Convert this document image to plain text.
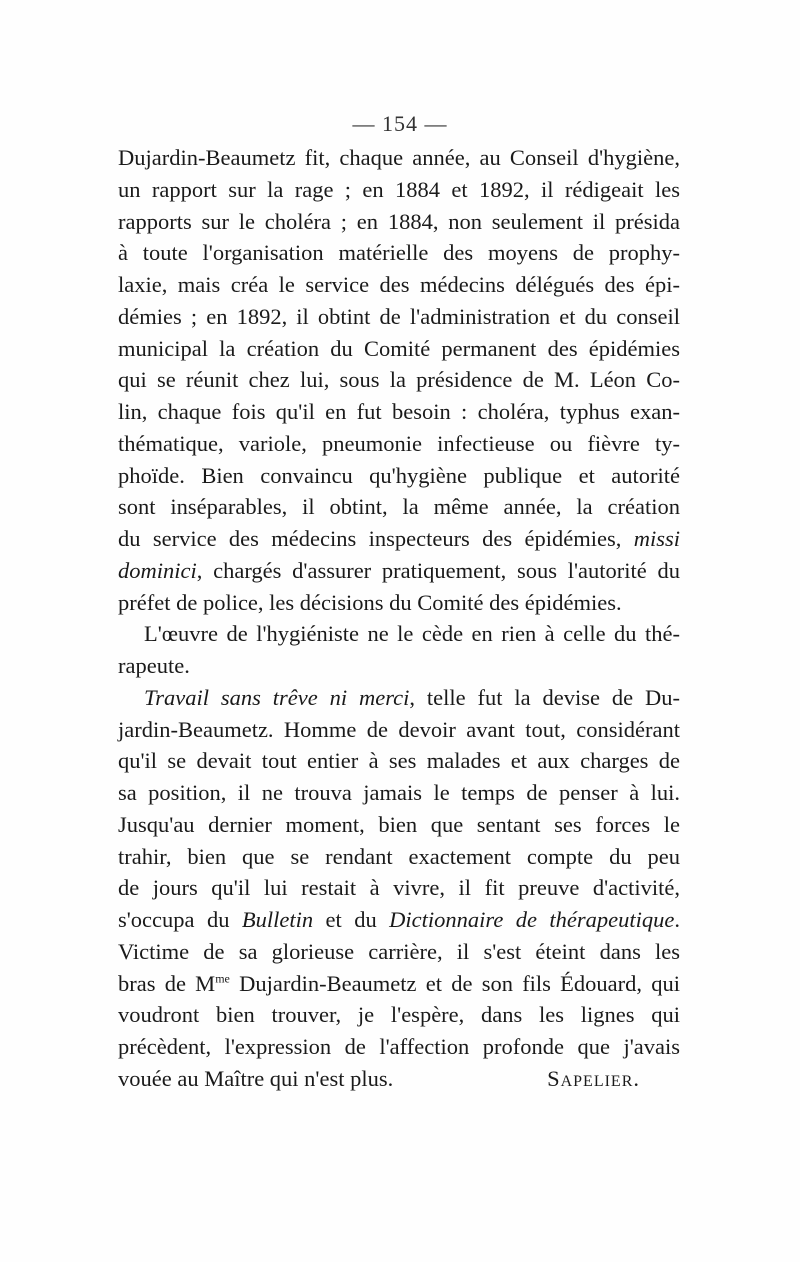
— 154 —
Dujardin-Beaumetz fit, chaque année, au Conseil d'hygiène,
un rapport sur la rage ; en 1884 et 1892, il rédigeait les
rapports sur le choléra ; en 1884, non seulement il présida
à toute l'organisation matérielle des moyens de prophy-
laxie, mais créa le service des médecins délégués des épi-
démies ; en 1892, il obtint de l'administration et du conseil
municipal la création du Comité permanent des épidémies
qui se réunit chez lui, sous la présidence de M. Léon Co-
lin, chaque fois qu'il en fut besoin : choléra, typhus exan-
thématique, variole, pneumonie infectieuse ou fièvre ty-
phoïde. Bien convaincu qu'hygiène publique et autorité
sont inséparables, il obtint, la même année, la création
du service des médecins inspecteurs des épidémies, missi
dominici, chargés d'assurer pratiquement, sous l'autorité du
préfet de police, les décisions du Comité des épidémies.
L'œuvre de l'hygiéniste ne le cède en rien à celle du thé-
rapeute.
Travail sans trêve ni merci, telle fut la devise de Du-
jardin-Beaumetz. Homme de devoir avant tout, considérant
qu'il se devait tout entier à ses malades et aux charges de
sa position, il ne trouva jamais le temps de penser à lui.
Jusqu'au dernier moment, bien que sentant ses forces le
trahir, bien que se rendant exactement compte du peu
de jours qu'il lui restait à vivre, il fit preuve d'activité,
s'occupa du Bulletin et du Dictionnaire de thérapeutique.
Victime de sa glorieuse carrière, il s'est éteint dans les
bras de $M^{me}$ Dujardin-Beaumetz et de son fils Édouard, qui
voudront bien trouver, je l'espère, dans les lignes qui
précèdent, l'expression de l'affection profonde que j'avais
vouée au Maître qui n'est plus.	Sapelier.
